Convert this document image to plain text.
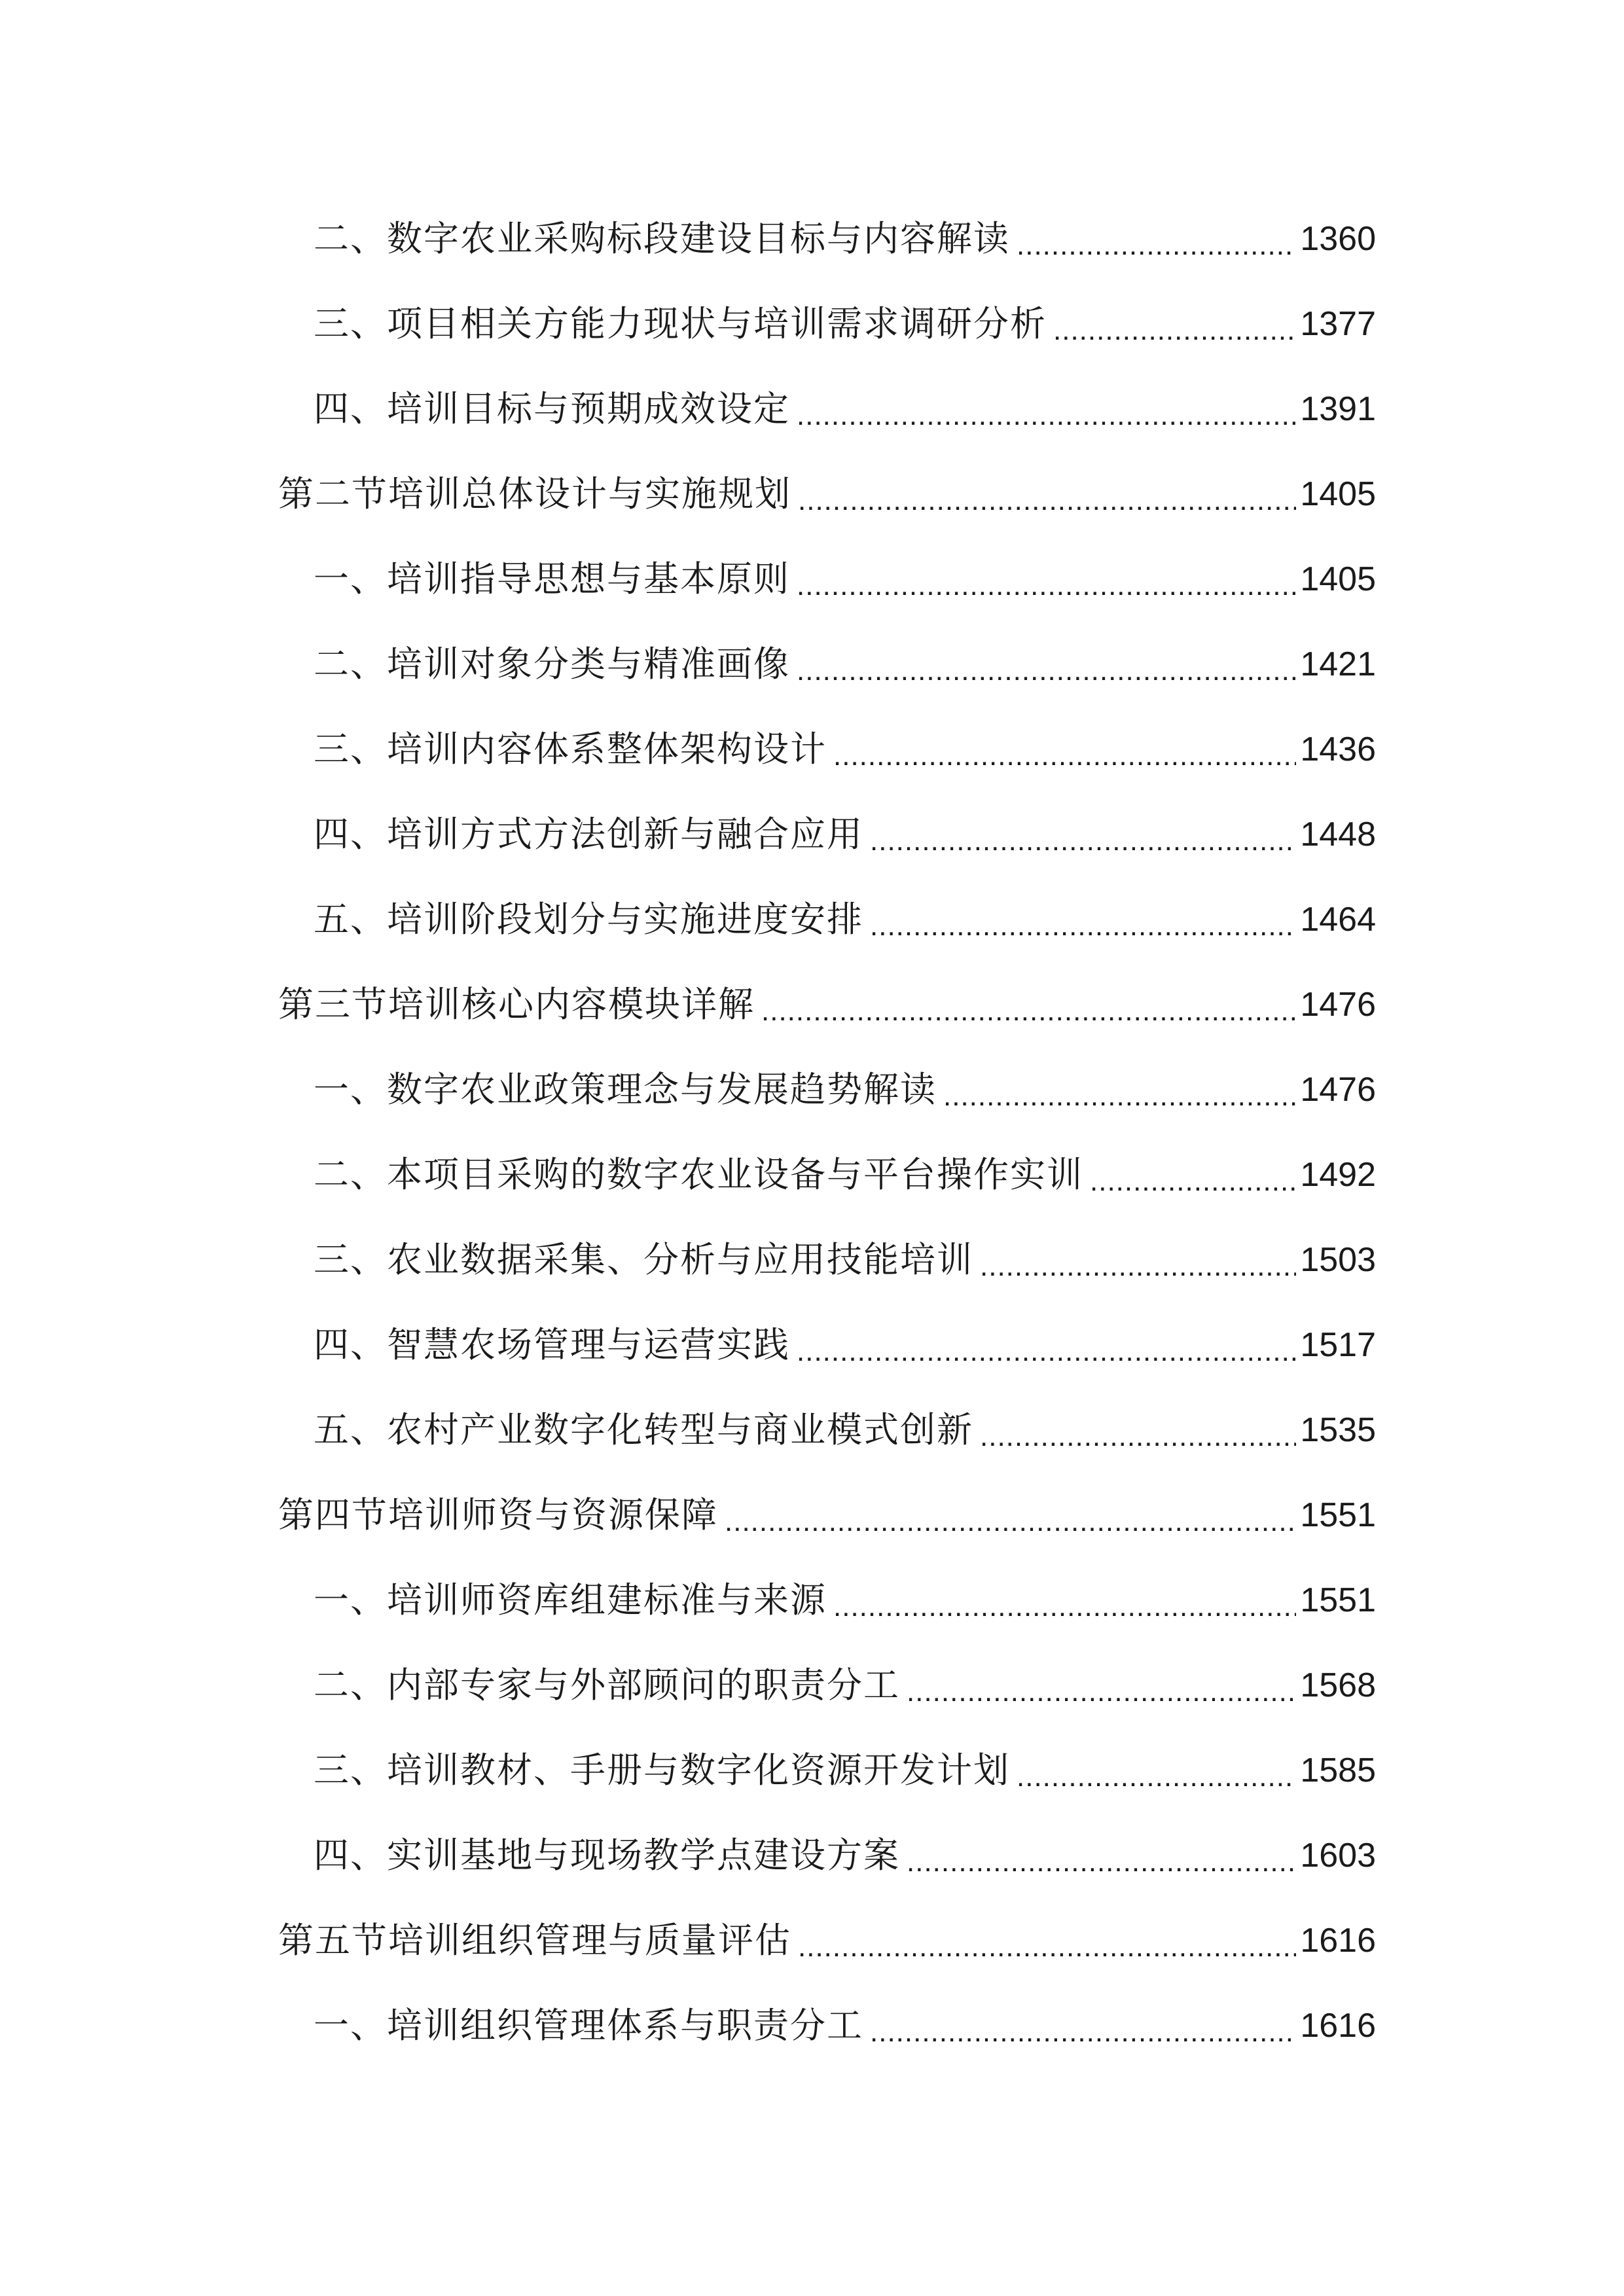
二、数字农业采购标段建设目标与内容解读 .....	1360
三、项目相关方能力现状与培训需求调研分析 .....	1377
四、培训目标与预期成效设定 .....	1391
第二节培训总体设计与实施规划 .....	1405
一、培训指导思想与基本原则 .....	1405
二、培训对象分类与精准画像 .....	1421
三、培训内容体系整体架构设计 .....	1436
四、培训方式方法创新与融合应用 .....	1448
五、培训阶段划分与实施进度安排 .....	1464
第三节培训核心内容模块详解 .....	1476
一、数字农业政策理念与发展趋势解读 .....	1476
二、本项目采购的数字农业设备与平台操作实训 .....	1492
三、农业数据采集、分析与应用技能培训 .....	1503
四、智慧农场管理与运营实践 .....	1517
五、农村产业数字化转型与商业模式创新 .....	1535
第四节培训师资与资源保障 .....	1551
一、培训师资库组建标准与来源 .....	1551
二、内部专家与外部顾问的职责分工 .....	1568
三、培训教材、手册与数字化资源开发计划 .....	1585
四、实训基地与现场教学点建设方案 .....	1603
第五节培训组织管理与质量评估 .....	1616
一、培训组织管理体系与职责分工 .....	1616
